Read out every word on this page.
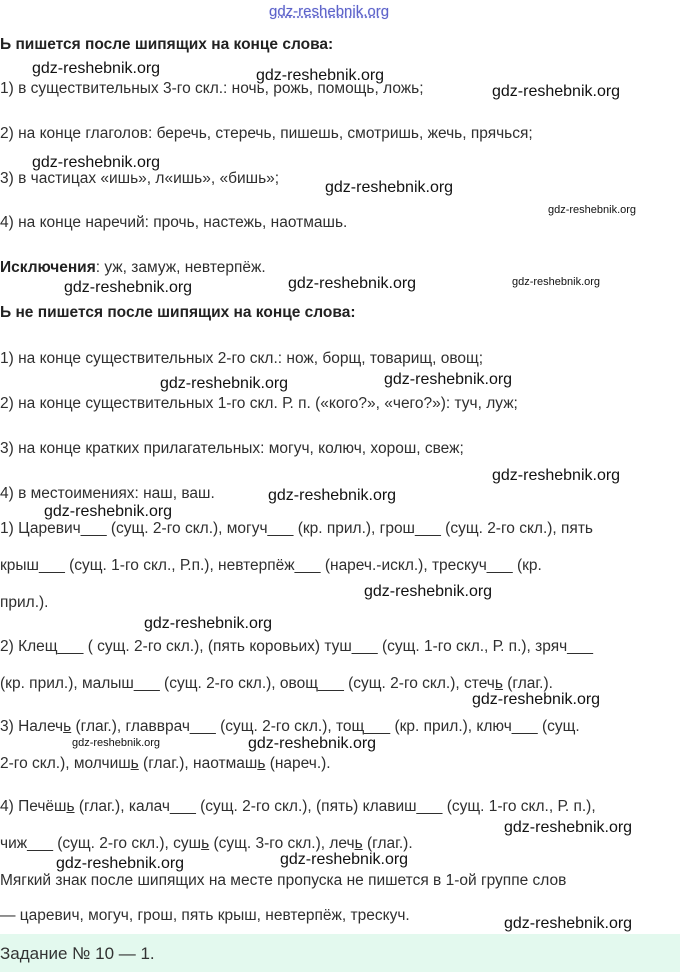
gdz-reshebnik.org
Ь пишется после шипящих на конце слова:
1) в существительных 3-го скл.: ночь, рожь, помощь, ложь;
2) на конце глаголов: беречь, стеречь, пишешь, смотришь, жечь, прячься;
3) в частицах «ишь», л«ишь», «бишь»;
4) на конце наречий: прочь, настежь, наотмашь.
Исключения: уж, замуж, невтерпёж.
Ь не пишется после шипящих на конце слова:
1) на конце существительных 2-го скл.: нож, борщ, товарищ, овощ;
2) на конце существительных 1-го скл. Р. п. («кого?», «чего?»): туч, луж;
3) на конце кратких прилагательных: могуч, колюч, хорош, свеж;
4) в местоимениях: наш, ваш.
1) Царевич___ (сущ. 2-го скл.), могуч___ (кр. прил.), грош___ (сущ. 2-го скл.), пять
крыш___ (сущ. 1-го скл., Р.п.), невтерпёж___ (нареч.-искл.), трескуч___ (кр.
прил.).
2) Клещ___ ( сущ. 2-го скл.), (пять коровьих) туш___ (сущ. 1-го скл., Р. п.), зряч___
(кр. прил.), малыш___ (сущ. 2-го скл.), овощ___ (сущ. 2-го скл.), стечь (глаг.).
3) Налечь (глаг.), главврач___ (сущ. 2-го скл.), тощ___ (кр. прил.), ключ___ (сущ.
2-го скл.), молчишь (глаг.), наотмашь (нареч.).
4) Печёшь (глаг.), калач___ (сущ. 2-го скл.), (пять) клавиш___ (сущ. 1-го скл., Р. п.),
чиж___ (сущ. 2-го скл.), сушь (сущ. 3-го скл.), лечь (глаг.).
Мягкий знак после шипящих на месте пропуска не пишется в 1-ой группе слов
— царевич, могуч, грош, пять крыш, невтерпёж, трескуч.
Задание № 10 — 1.
gdz-reshebnik.org	gdz-reshebnik.org
gdz-reshebnik.org
gdz-reshebnik.org
gdz-reshebnik.org
gdz-reshebnik.org
gdz-reshebnik.org	gdz-reshebnik.org	gdz-reshebnik.org
gdz-reshebnik.org	gdz-reshebnik.org
gdz-reshebnik.org
gdz-reshebnik.org
gdz-reshebnik.org
gdz-reshebnik.org
gdz-reshebnik.org
gdz-reshebnik.org
gdz-reshebnik.org	gdz-reshebnik.org
gdz-reshebnik.org
gdz-reshebnik.org
gdz-reshebnik.org
gdz-reshebnik.org
